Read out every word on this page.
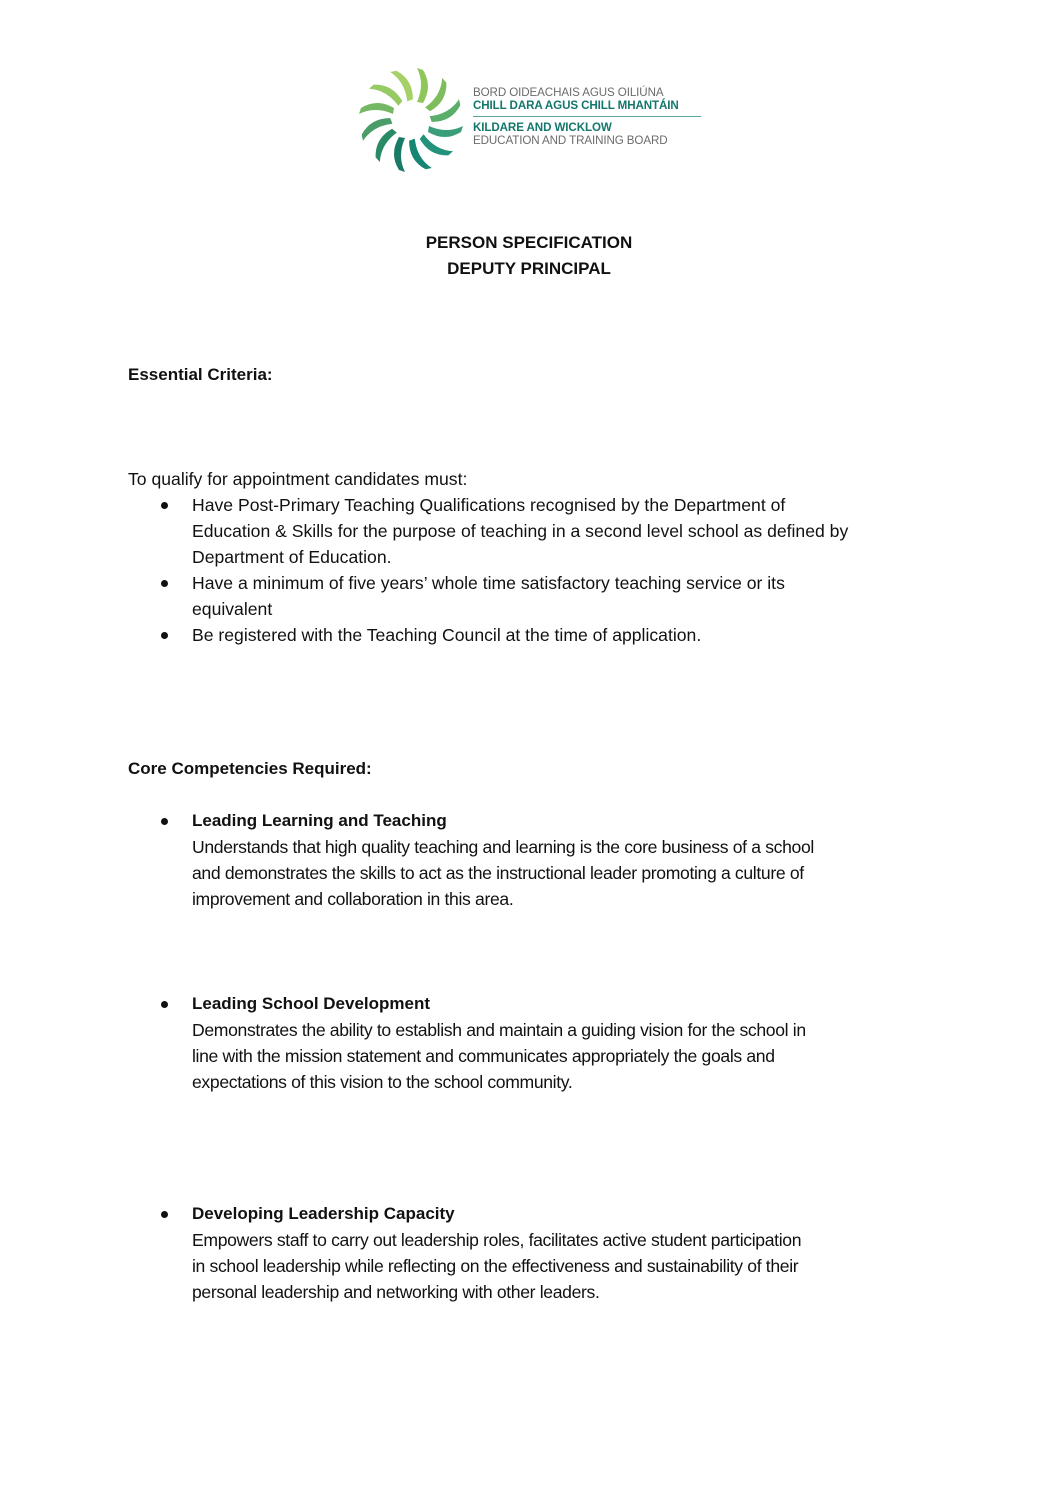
BORD OIDEACHAIS AGUS OILIÚNA
CHILL DARA AGUS CHILL MHANTÁIN
KILDARE AND WICKLOW
EDUCATION AND TRAINING BOARD
PERSON SPECIFICATION
DEPUTY PRINCIPAL
Essential Criteria:
To qualify for appointment candidates must:
Have Post-Primary Teaching Qualifications recognised by the Department of
Education & Skills for the purpose of teaching in a second level school as defined by
Department of Education.
Have a minimum of five years’ whole time satisfactory teaching service or its
equivalent
Be registered with the Teaching Council at the time of application.
Core Competencies Required:
Leading Learning and Teaching
Understands that high quality teaching and learning is the core business of a school
and demonstrates the skills to act as the instructional leader promoting a culture of
improvement and collaboration in this area.
Leading School Development
Demonstrates the ability to establish and maintain a guiding vision for the school in
line with the mission statement and communicates appropriately the goals and
expectations of this vision to the school community.
Developing Leadership Capacity
Empowers staff to carry out leadership roles, facilitates active student participation
in school leadership while reflecting on the effectiveness and sustainability of their
personal leadership and networking with other leaders.
